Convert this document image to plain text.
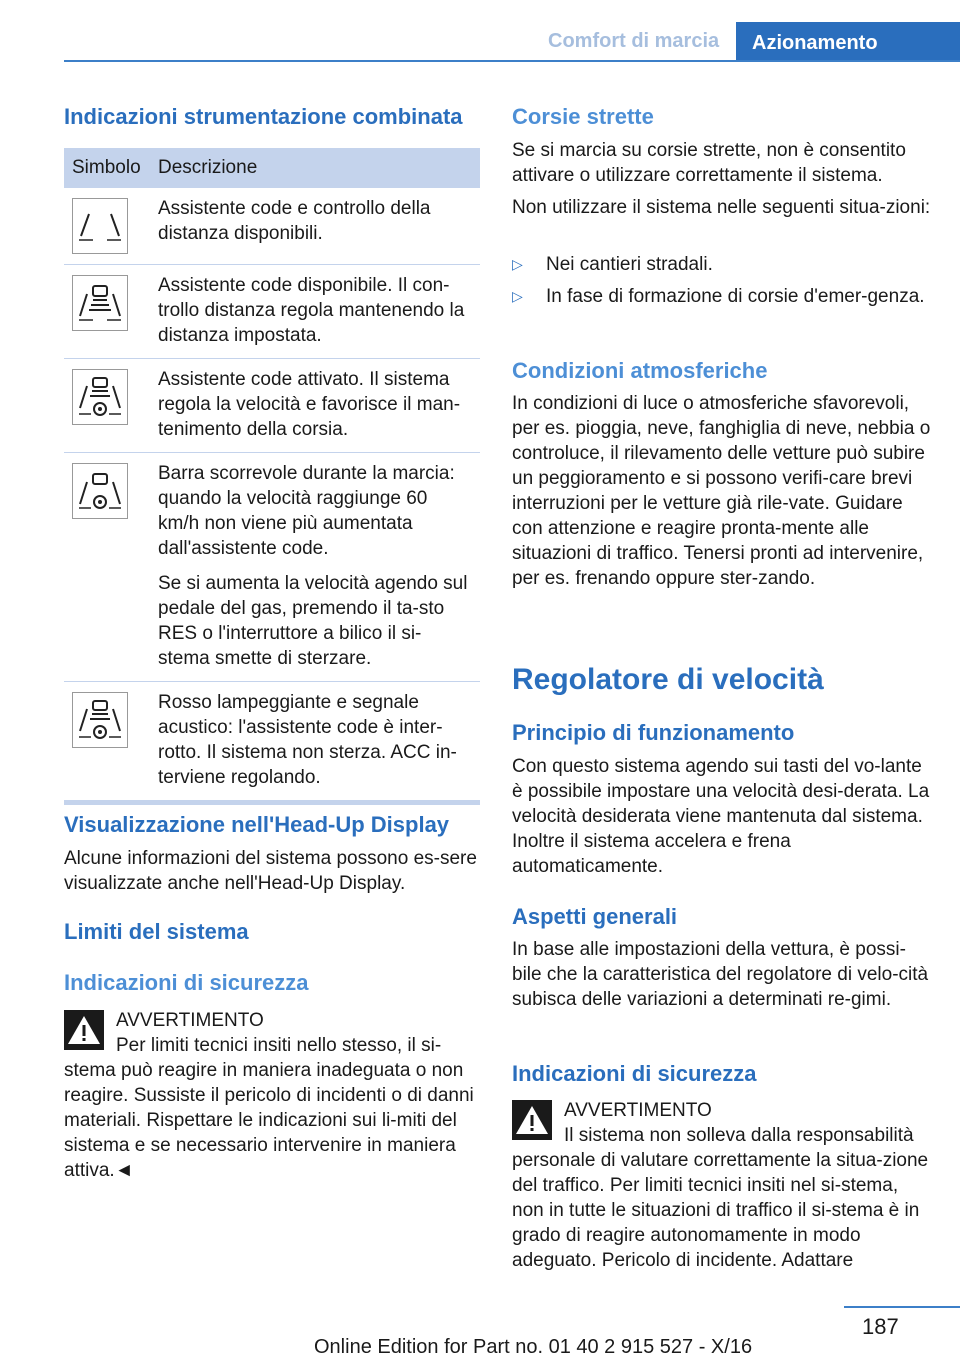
Comfort di marcia	Azionamento
Indicazioni strumentazione combinata
Simbolo	Descrizione

Assistente code e controllo della distanza disponibili.

Assistente code disponibile. Il con-trollo distanza regola mantenendo la distanza impostata.

Assistente code attivato. Il sistema regola la velocità e favorisce il man-tenimento della corsia.

Barra scorrevole durante la marcia: quando la velocità raggiunge 60 km/h non viene più aumentata dall'assistente code.

Se si aumenta la velocità agendo sul pedale del gas, premendo il ta-sto RES o l'interruttore a bilico il si-stema smette di sterzare.

Rosso lampeggiante e segnale acustico: l'assistente code è inter-rotto. Il sistema non sterza. ACC in-terviene regolando.

Visualizzazione nell'Head-Up Display

Alcune informazioni del sistema possono es-sere visualizzate anche nell'Head-Up Display.

Limiti del sistema
Indicazioni di sicurezza

AVVERTIMENTO

Per limiti tecnici insiti nello stesso, il si-

stema può reagire in maniera inadeguata o non reagire. Sussiste il pericolo di incidenti o di danni materiali. Rispettare le indicazioni sui li-miti del sistema e se necessario intervenire in maniera attiva.◄

Corsie strette

Se si marcia su corsie strette, non è consentito attivare o utilizzare correttamente il sistema.

Non utilizzare il sistema nelle seguenti situa-zioni:

▷ Nei cantieri stradali.
▷ In fase di formazione di corsie d'emer-genza.
Condizioni atmosferiche

In condizioni di luce o atmosferiche sfavorevoli, per es. pioggia, neve, fanghiglia di neve, nebbia o controluce, il rilevamento delle vetture può subire un peggioramento e si possono verifi-care brevi interruzioni per le vetture già rile-vate. Guidare con attenzione e reagire pronta-mente alle situazioni di traffico. Tenersi pronti ad intervenire, per es. frenando oppure ster-zando.

Regolatore di velocità
Principio di funzionamento

Con questo sistema agendo sui tasti del vo-lante è possibile impostare una velocità desi-derata. La velocità desiderata viene mantenuta dal sistema. Inoltre il sistema accelera e frena automaticamente.

Aspetti generali

In base alle impostazioni della vettura, è possi-bile che la caratteristica del regolatore di velo-cità subisca delle variazioni a determinati re-gimi.

Indicazioni di sicurezza

AVVERTIMENTO

Il sistema non solleva dalla responsabilità

personale di valutare correttamente la situa-zione del traffico. Per limiti tecnici insiti nel si-stema, non in tutte le situazioni di traffico il si-stema è in grado di reagire autonomamente in modo adeguato. Pericolo di incidente. Adattare

187
Online Edition for Part no. 01 40 2 915 527 - X/16
